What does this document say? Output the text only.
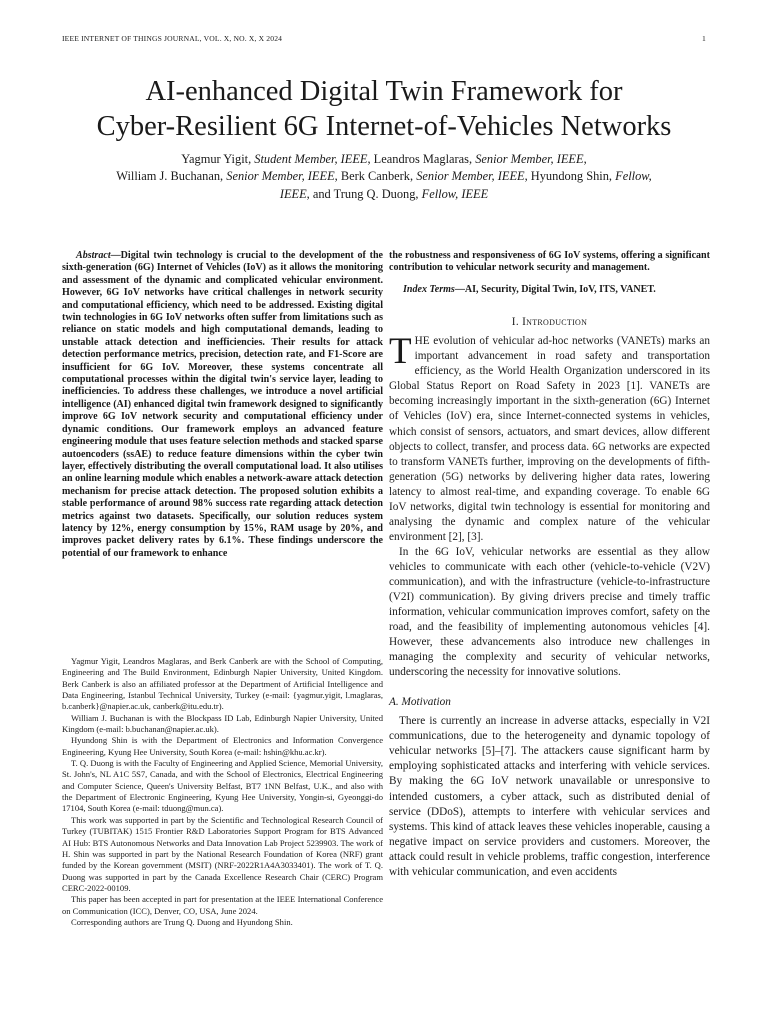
IEEE INTERNET OF THINGS JOURNAL, VOL. X, NO. X, X 2024	1
AI-enhanced Digital Twin Framework for
Cyber-Resilient 6G Internet-of-Vehicles Networks
Yagmur Yigit, Student Member, IEEE, Leandros Maglaras, Senior Member, IEEE,
William J. Buchanan, Senior Member, IEEE, Berk Canberk, Senior Member, IEEE, Hyundong Shin, Fellow,
IEEE, and Trung Q. Duong, Fellow, IEEE

Abstract—Digital twin technology is crucial to the development of the sixth-generation (6G) Internet of Vehicles (IoV) as it allows the monitoring and assessment of the dynamic and complicated vehicular environment. However, 6G IoV networks have critical challenges in network security and computational efficiency, which need to be addressed. Existing digital twin technologies in 6G IoV networks often suffer from limitations such as reliance on static models and high computational demands, leading to unstable attack detection and inefficiencies. Their results for attack detection performance metrics, precision, detection rate, and F1-Score are insufficient for 6G IoV. Moreover, these systems concentrate all computational processes within the digital twin's service layer, leading to inefficiencies. To address these challenges, we introduce a novel artificial intelligence (AI) enhanced digital twin framework designed to significantly improve 6G IoV network security and computational efficiency under dynamic conditions. Our framework employs an advanced feature engineering module that uses feature selection methods and stacked sparse autoencoders (ssAE) to reduce feature dimensions within the cyber twin layer, effectively distributing the overall computational load. It also utilises an online learning module which enables a network-aware attack detection mechanism for precise attack detection. The proposed solution exhibits a stable performance of around 98% success rate regarding attack detection metrics against two datasets. Specifically, our solution reduces system latency by 12%, energy consumption by 15%, RAM usage by 20%, and improves packet delivery rates by 6.1%. These findings underscore the potential of our framework to enhance

Yagmur Yigit, Leandros Maglaras, and Berk Canberk are with the School of Computing, Engineering and The Build Environment, Edinburgh Napier University, United Kingdom. Berk Canberk is also an affiliated professor at the Department of Artificial Intelligence and Data Engineering, Istanbul Technical University, Turkey (e-mail: {yagmur.yigit, l.maglaras, b.canberk}@napier.ac.uk, canberk@itu.edu.tr).

William J. Buchanan is with the Blockpass ID Lab, Edinburgh Napier University, United Kingdom (e-mail: b.buchanan@napier.ac.uk).

Hyundong Shin is with the Department of Electronics and Information Convergence Engineering, Kyung Hee University, South Korea (e-mail: hshin@khu.ac.kr).

T. Q. Duong is with the Faculty of Engineering and Applied Science, Memorial University, St. John's, NL A1C 5S7, Canada, and with the School of Electronics, Electrical Engineering and Computer Science, Queen's University Belfast, BT7 1NN Belfast, U.K., and also with the Department of Electronic Engineering, Kyung Hee University, Yongin-si, Gyeonggi-do 17104, South Korea (e-mail: tduong@mun.ca).

This work was supported in part by the Scientific and Technological Research Council of Turkey (TUBITAK) 1515 Frontier R&D Laboratories Support Program for BTS Advanced AI Hub: BTS Autonomous Networks and Data Innovation Lab Project 5239903. The work of H. Shin was supported in part by the National Research Foundation of Korea (NRF) grant funded by the Korean government (MSIT) (NRF-2022R1A4A3033401). The work of T. Q. Duong was supported in part by the Canada Excellence Research Chair (CERC) Program CERC-2022-00109.

This paper has been accepted in part for presentation at the IEEE International Conference on Communication (ICC), Denver, CO, USA, June 2024.

Corresponding authors are Trung Q. Duong and Hyundong Shin.

the robustness and responsiveness of 6G IoV systems, offering a significant contribution to vehicular network security and management.

Index Terms—AI, Security, Digital Twin, IoV, ITS, VANET.

I. Introduction

THE evolution of vehicular ad-hoc networks (VANETs) marks an important advancement in road safety and transportation efficiency, as the World Health Organization underscored in its Global Status Report on Road Safety in 2023 [1]. VANETs are becoming increasingly important in the sixth-generation (6G) Internet of Vehicles (IoV) era, since Internet-connected systems in vehicles, which consist of sensors, actuators, and smart devices, allow different objects to collect, transfer, and process data. 6G networks are expected to transform VANETs further, improving on the developments of fifth-generation (5G) networks by delivering higher data rates, lowering latency to almost real-time, and expanding coverage. To enable 6G IoV networks, digital twin technology is essential for monitoring and analysing the dynamic and complex nature of the vehicular environment [2], [3].

In the 6G IoV, vehicular networks are essential as they allow vehicles to communicate with each other (vehicle-to-vehicle (V2V) communication), and with the infrastructure (vehicle-to-infrastructure (V2I) communication). By giving drivers precise and timely traffic information, vehicular communication improves comfort, safety on the road, and the feasibility of implementing autonomous vehicles [4]. However, these advancements also introduce new challenges in managing the complexity and security of vehicular networks, underscoring the necessity for innovative solutions.

A. Motivation

There is currently an increase in adverse attacks, especially in V2I communications, due to the heterogeneity and dynamic topology of vehicular networks [5]–[7]. The attackers cause significant harm by employing sophisticated attacks and interfering with vehicle services. By making the 6G IoV network unavailable or unresponsive to intended customers, a cyber attack, such as distributed denial of service (DDoS), attempts to interfere with vehicular services and systems. This kind of attack leaves these vehicles inoperable, causing a negative impact on service providers and customers. Moreover, the attack could result in vehicle problems, traffic congestion, interference with vehicular communication, and even accidents
